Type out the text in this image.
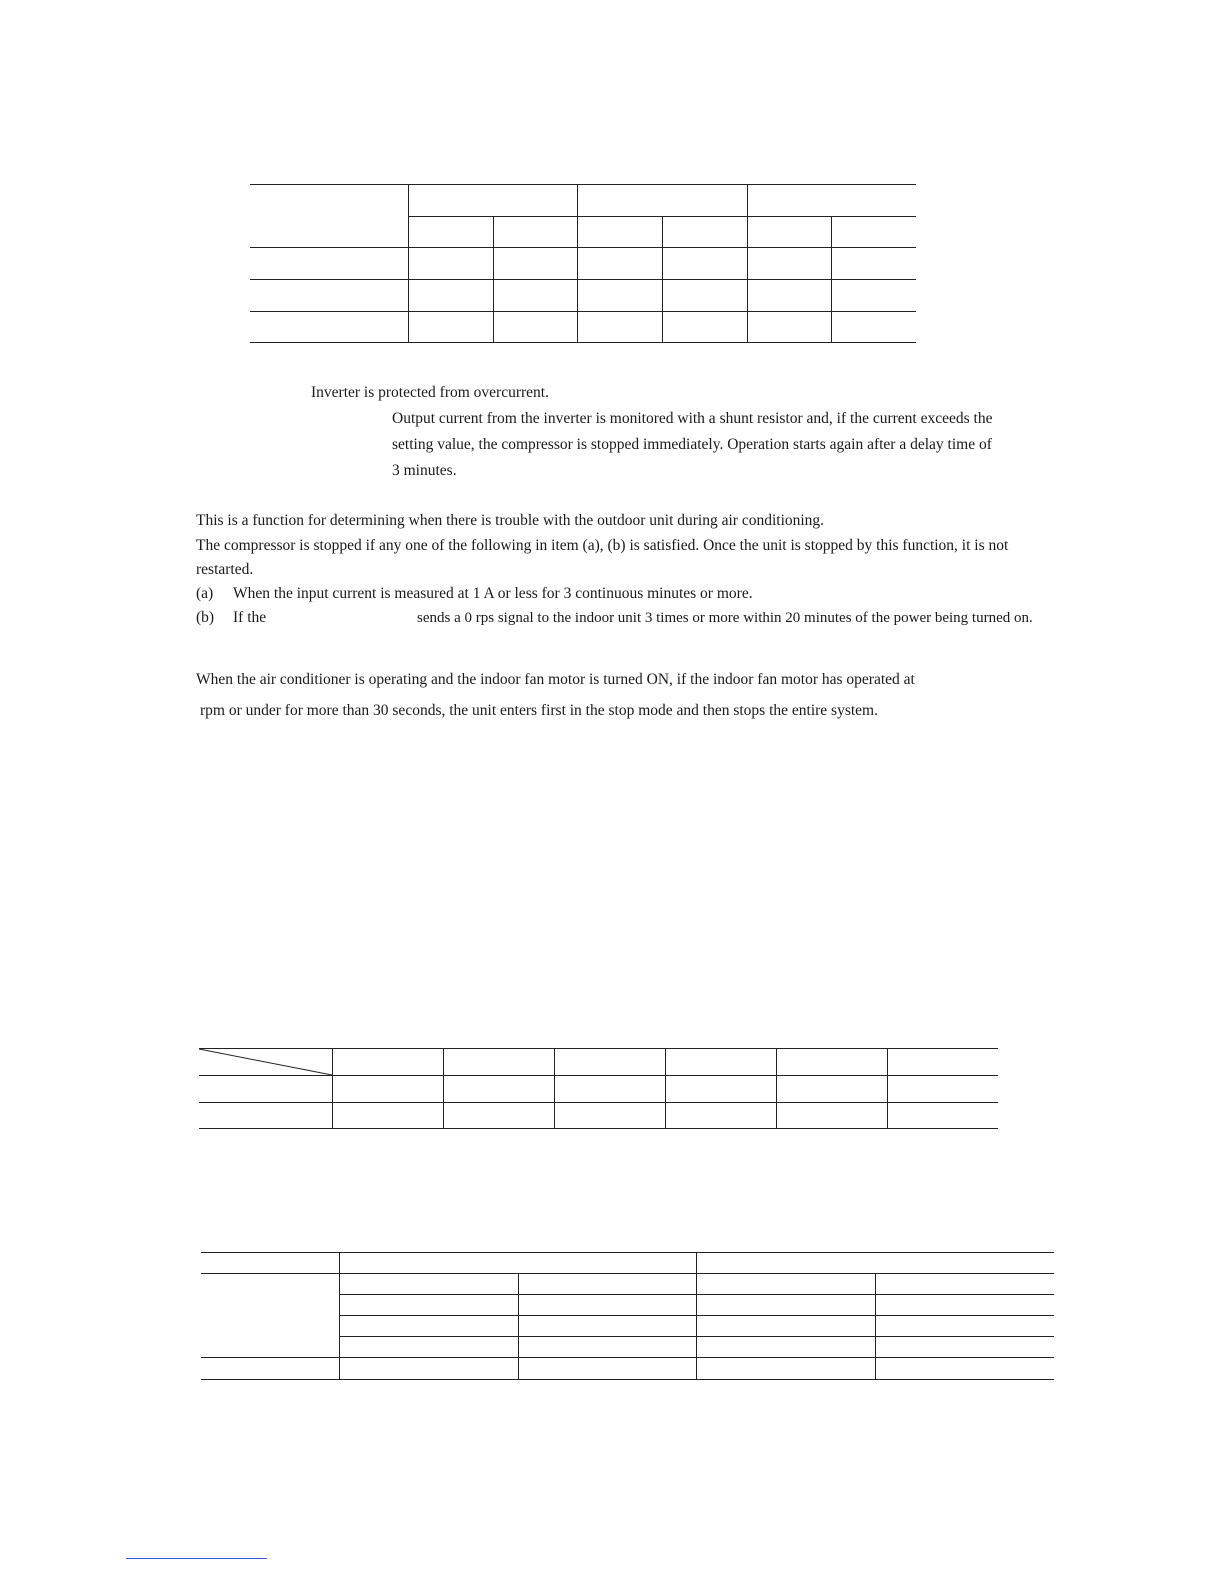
Inverter is protected from overcurrent.
Output current from the inverter is monitored with a shunt resistor and, if the current exceeds the
setting value, the compressor is stopped immediately. Operation starts again after a delay time of
3 minutes.
This is a function for determining when there is trouble with the outdoor unit during air conditioning.
The compressor is stopped if any one of the following in item (a), (b) is satisfied. Once the unit is stopped by this function, it is not
restarted.
(a) When the input current is measured at 1 A or less for 3 continuous minutes or more.
(b) If the	sends a 0 rps signal to the indoor unit 3 times or more within 20 minutes of the power being turned on.
When the air conditioner is operating and the indoor fan motor is turned ON, if the indoor fan motor has operated at
rpm or under for more than 30 seconds, the unit enters first in the stop mode and then stops the entire system.
